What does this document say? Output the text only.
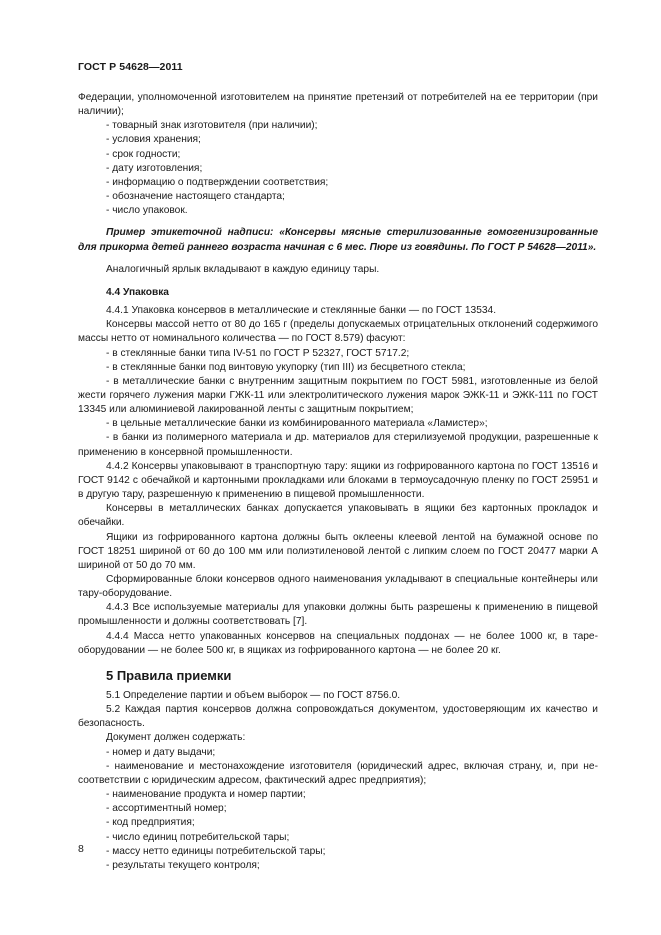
ГОСТ Р 54628—2011

Федерации, уполномоченной изготовителем на принятие претензий от потребителей на ее территории (при наличии);

- товарный знак изготовителя (при наличии);

- условия хранения;

- срок годности;

- дату изготовления;

- информацию о подтверждении соответствия;

- обозначение настоящего стандарта;

- число упаковок.

Пример этикеточной надписи: «Консервы мясные стерилизованные гомогенизированные для прикорма детей раннего возраста начиная с 6 мес. Пюре из говядины. По ГОСТ Р 54628—2011».

Аналогичный ярлык вкладывают в каждую единицу тары.

4.4 Упаковка

4.4.1 Упаковка консервов в металлические и стеклянные банки — по ГОСТ 13534.

Консервы массой нетто от 80 до 165 г (пределы допускаемых отрицательных отклонений содержимого массы нетто от номинального количества — по ГОСТ 8.579) фасуют:

- в стеклянные банки типа IV-51 по ГОСТ Р 52327, ГОСТ 5717.2;

- в стеклянные банки под винтовую укупорку (тип III) из бесцветного стекла;

- в металлические банки с внутренним защитным покрытием по ГОСТ 5981, изготовленные из белой жести горячего лужения марки ГЖК-11 или электролитического лужения марок ЭЖК-11 и ЭЖК-111 по ГОСТ 13345 или алюминиевой лакированной ленты с защитным покрытием;

- в цельные металлические банки из комбинированного материала «Ламистер»;

- в банки из полимерного материала и др. материалов для стерилизуемой продукции, разрешенные к применению в консервной промышленности.

4.4.2 Консервы упаковывают в транспортную тару: ящики из гофрированного картона по ГОСТ 13516 и ГОСТ 9142 с обечайкой и картонными прокладками или блоками в термоусадочную пленку по ГОСТ 25951 и в другую тару, разрешенную к применению в пищевой промышленности.

Консервы в металлических банках допускается упаковывать в ящики без картонных прокладок и обечайки.

Ящики из гофрированного картона должны быть оклеены клеевой лентой на бумажной основе по ГОСТ 18251 шириной от 60 до 100 мм или полиэтиленовой лентой с липким слоем по ГОСТ 20477 марки А шириной от 50 до 70 мм.

Сформированные блоки консервов одного наименования укладывают в специальные контейнеры или тару-оборудование.

4.4.3 Все используемые материалы для упаковки должны быть разрешены к применению в пищевой промышленности и должны соответствовать [7].

4.4.4 Масса нетто упакованных консервов на специальных поддонах — не более 1000 кг, в таре-оборудовании — не более 500 кг, в ящиках из гофрированного картона — не более 20 кг.

5 Правила приемки

5.1 Определение партии и объем выборок — по ГОСТ 8756.0.

5.2 Каждая партия консервов должна сопровождаться документом, удостоверяющим их качество и безопасность.

Документ должен содержать:

- номер и дату выдачи;

- наименование и местонахождение изготовителя (юридический адрес, включая страну, и, при несоответствии с юридическим адресом, фактический адрес предприятия);

- наименование продукта и номер партии;

- ассортиментный номер;

- код предприятия;

- число единиц потребительской тары;

- массу нетто единицы потребительской тары;

- результаты текущего контроля;

8
